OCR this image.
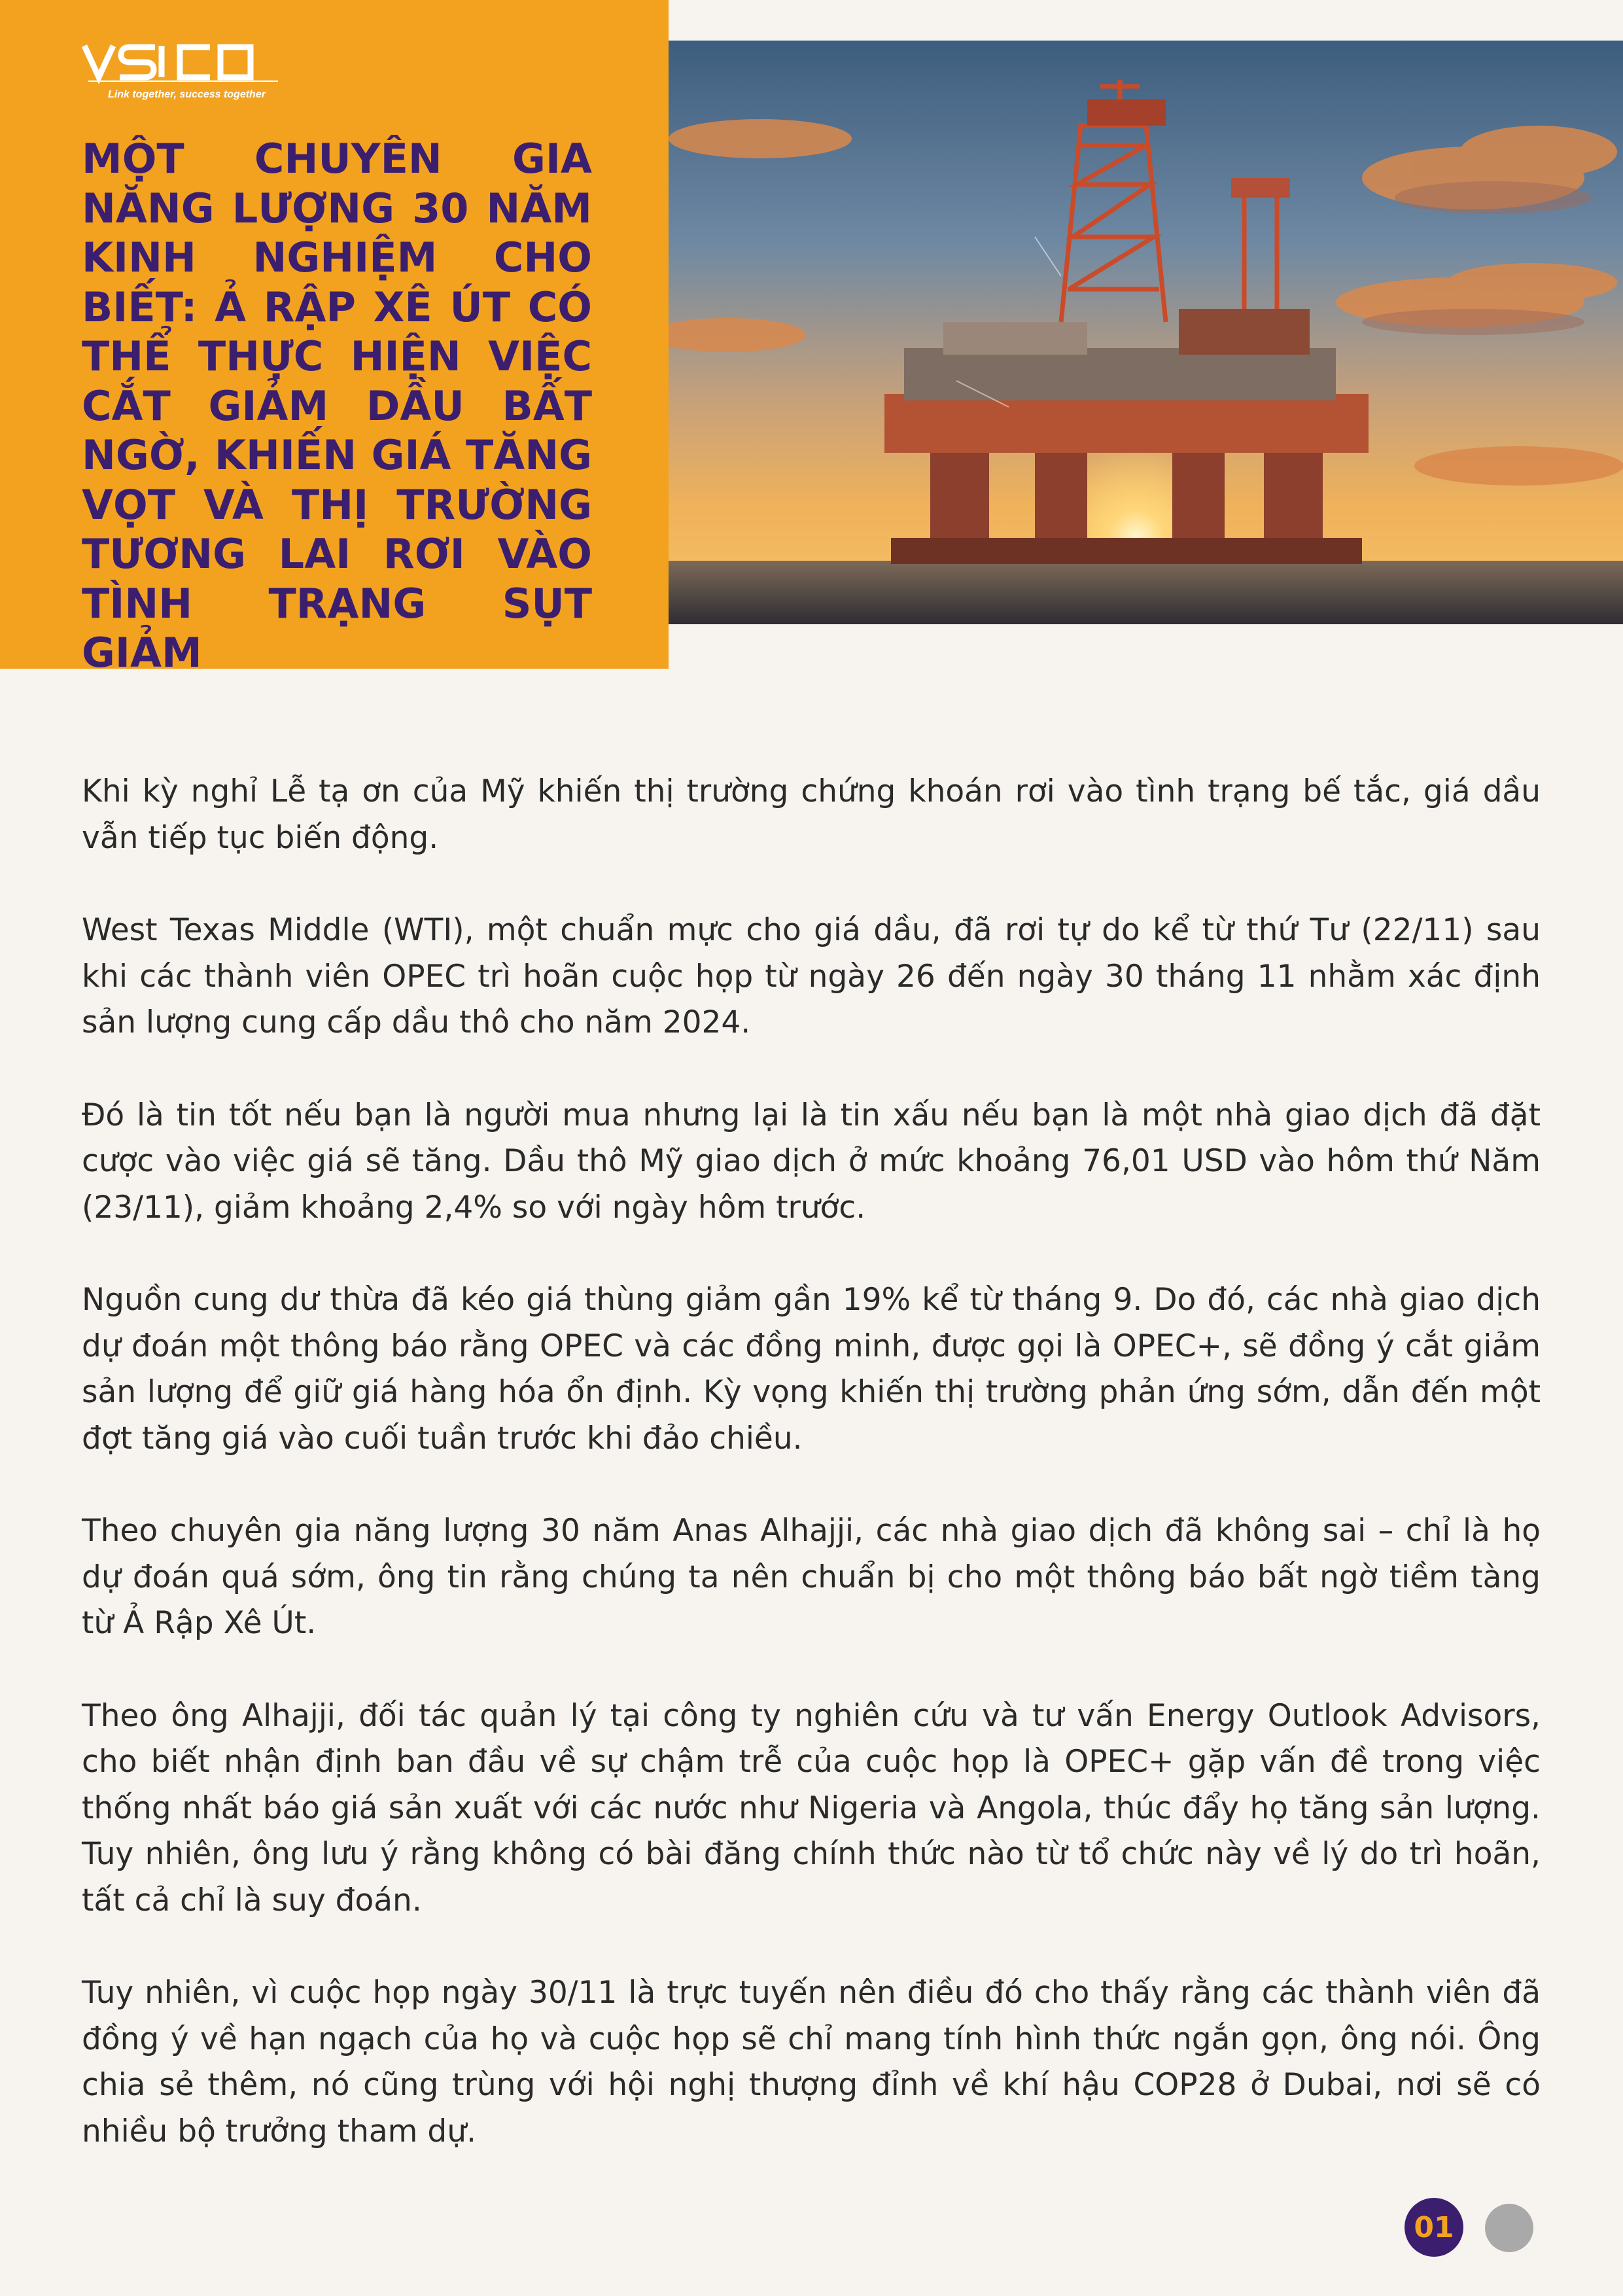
Link together, success together
MỘT CHUYÊN GIA NĂNG LƯỢNG 30 NĂM KINH NGHIỆM CHO BIẾT: Ả RẬP XÊ ÚT CÓ THỂ THỰC HIỆN VIỆC CẮT GIẢM DẦU BẤT NGỜ, KHIẾN GIÁ TĂNG VỌT VÀ THỊ TRƯỜNG TƯƠNG LAI RƠI VÀO TÌNH TRẠNG SỤT GIẢM

Khi kỳ nghỉ Lễ tạ ơn của Mỹ khiến thị trường chứng khoán rơi vào tình trạng bế tắc, giá dầu vẫn tiếp tục biến động.

West Texas Middle (WTI), một chuẩn mực cho giá dầu, đã rơi tự do kể từ thứ Tư (22/11) sau khi các thành viên OPEC trì hoãn cuộc họp từ ngày 26 đến ngày 30 tháng 11 nhằm xác định sản lượng cung cấp dầu thô cho năm 2024.

Đó là tin tốt nếu bạn là người mua nhưng lại là tin xấu nếu bạn là một nhà giao dịch đã đặt cược vào việc giá sẽ tăng. Dầu thô Mỹ giao dịch ở mức khoảng 76,01 USD vào hôm thứ Năm (23/11), giảm khoảng 2,4% so với ngày hôm trước.

Nguồn cung dư thừa đã kéo giá thùng giảm gần 19% kể từ tháng 9. Do đó, các nhà giao dịch dự đoán một thông báo rằng OPEC và các đồng minh, được gọi là OPEC+, sẽ đồng ý cắt giảm sản lượng để giữ giá hàng hóa ổn định. Kỳ vọng khiến thị trường phản ứng sớm, dẫn đến một đợt tăng giá vào cuối tuần trước khi đảo chiều.

Theo chuyên gia năng lượng 30 năm Anas Alhajji, các nhà giao dịch đã không sai – chỉ là họ dự đoán quá sớm, ông tin rằng chúng ta nên chuẩn bị cho một thông báo bất ngờ tiềm tàng từ Ả Rập Xê Út.

Theo ông Alhajji, đối tác quản lý tại công ty nghiên cứu và tư vấn Energy Outlook Advisors, cho biết nhận định ban đầu về sự chậm trễ của cuộc họp là OPEC+ gặp vấn đề trong việc thống nhất báo giá sản xuất với các nước như Nigeria và Angola, thúc đẩy họ tăng sản lượng. Tuy nhiên, ông lưu ý rằng không có bài đăng chính thức nào từ tổ chức này về lý do trì hoãn, tất cả chỉ là suy đoán.

Tuy nhiên, vì cuộc họp ngày 30/11 là trực tuyến nên điều đó cho thấy rằng các thành viên đã đồng ý về hạn ngạch của họ và cuộc họp sẽ chỉ mang tính hình thức ngắn gọn, ông nói. Ông chia sẻ thêm, nó cũng trùng với hội nghị thượng đỉnh về khí hậu COP28 ở Dubai, nơi sẽ có nhiều bộ trưởng tham dự.

01
